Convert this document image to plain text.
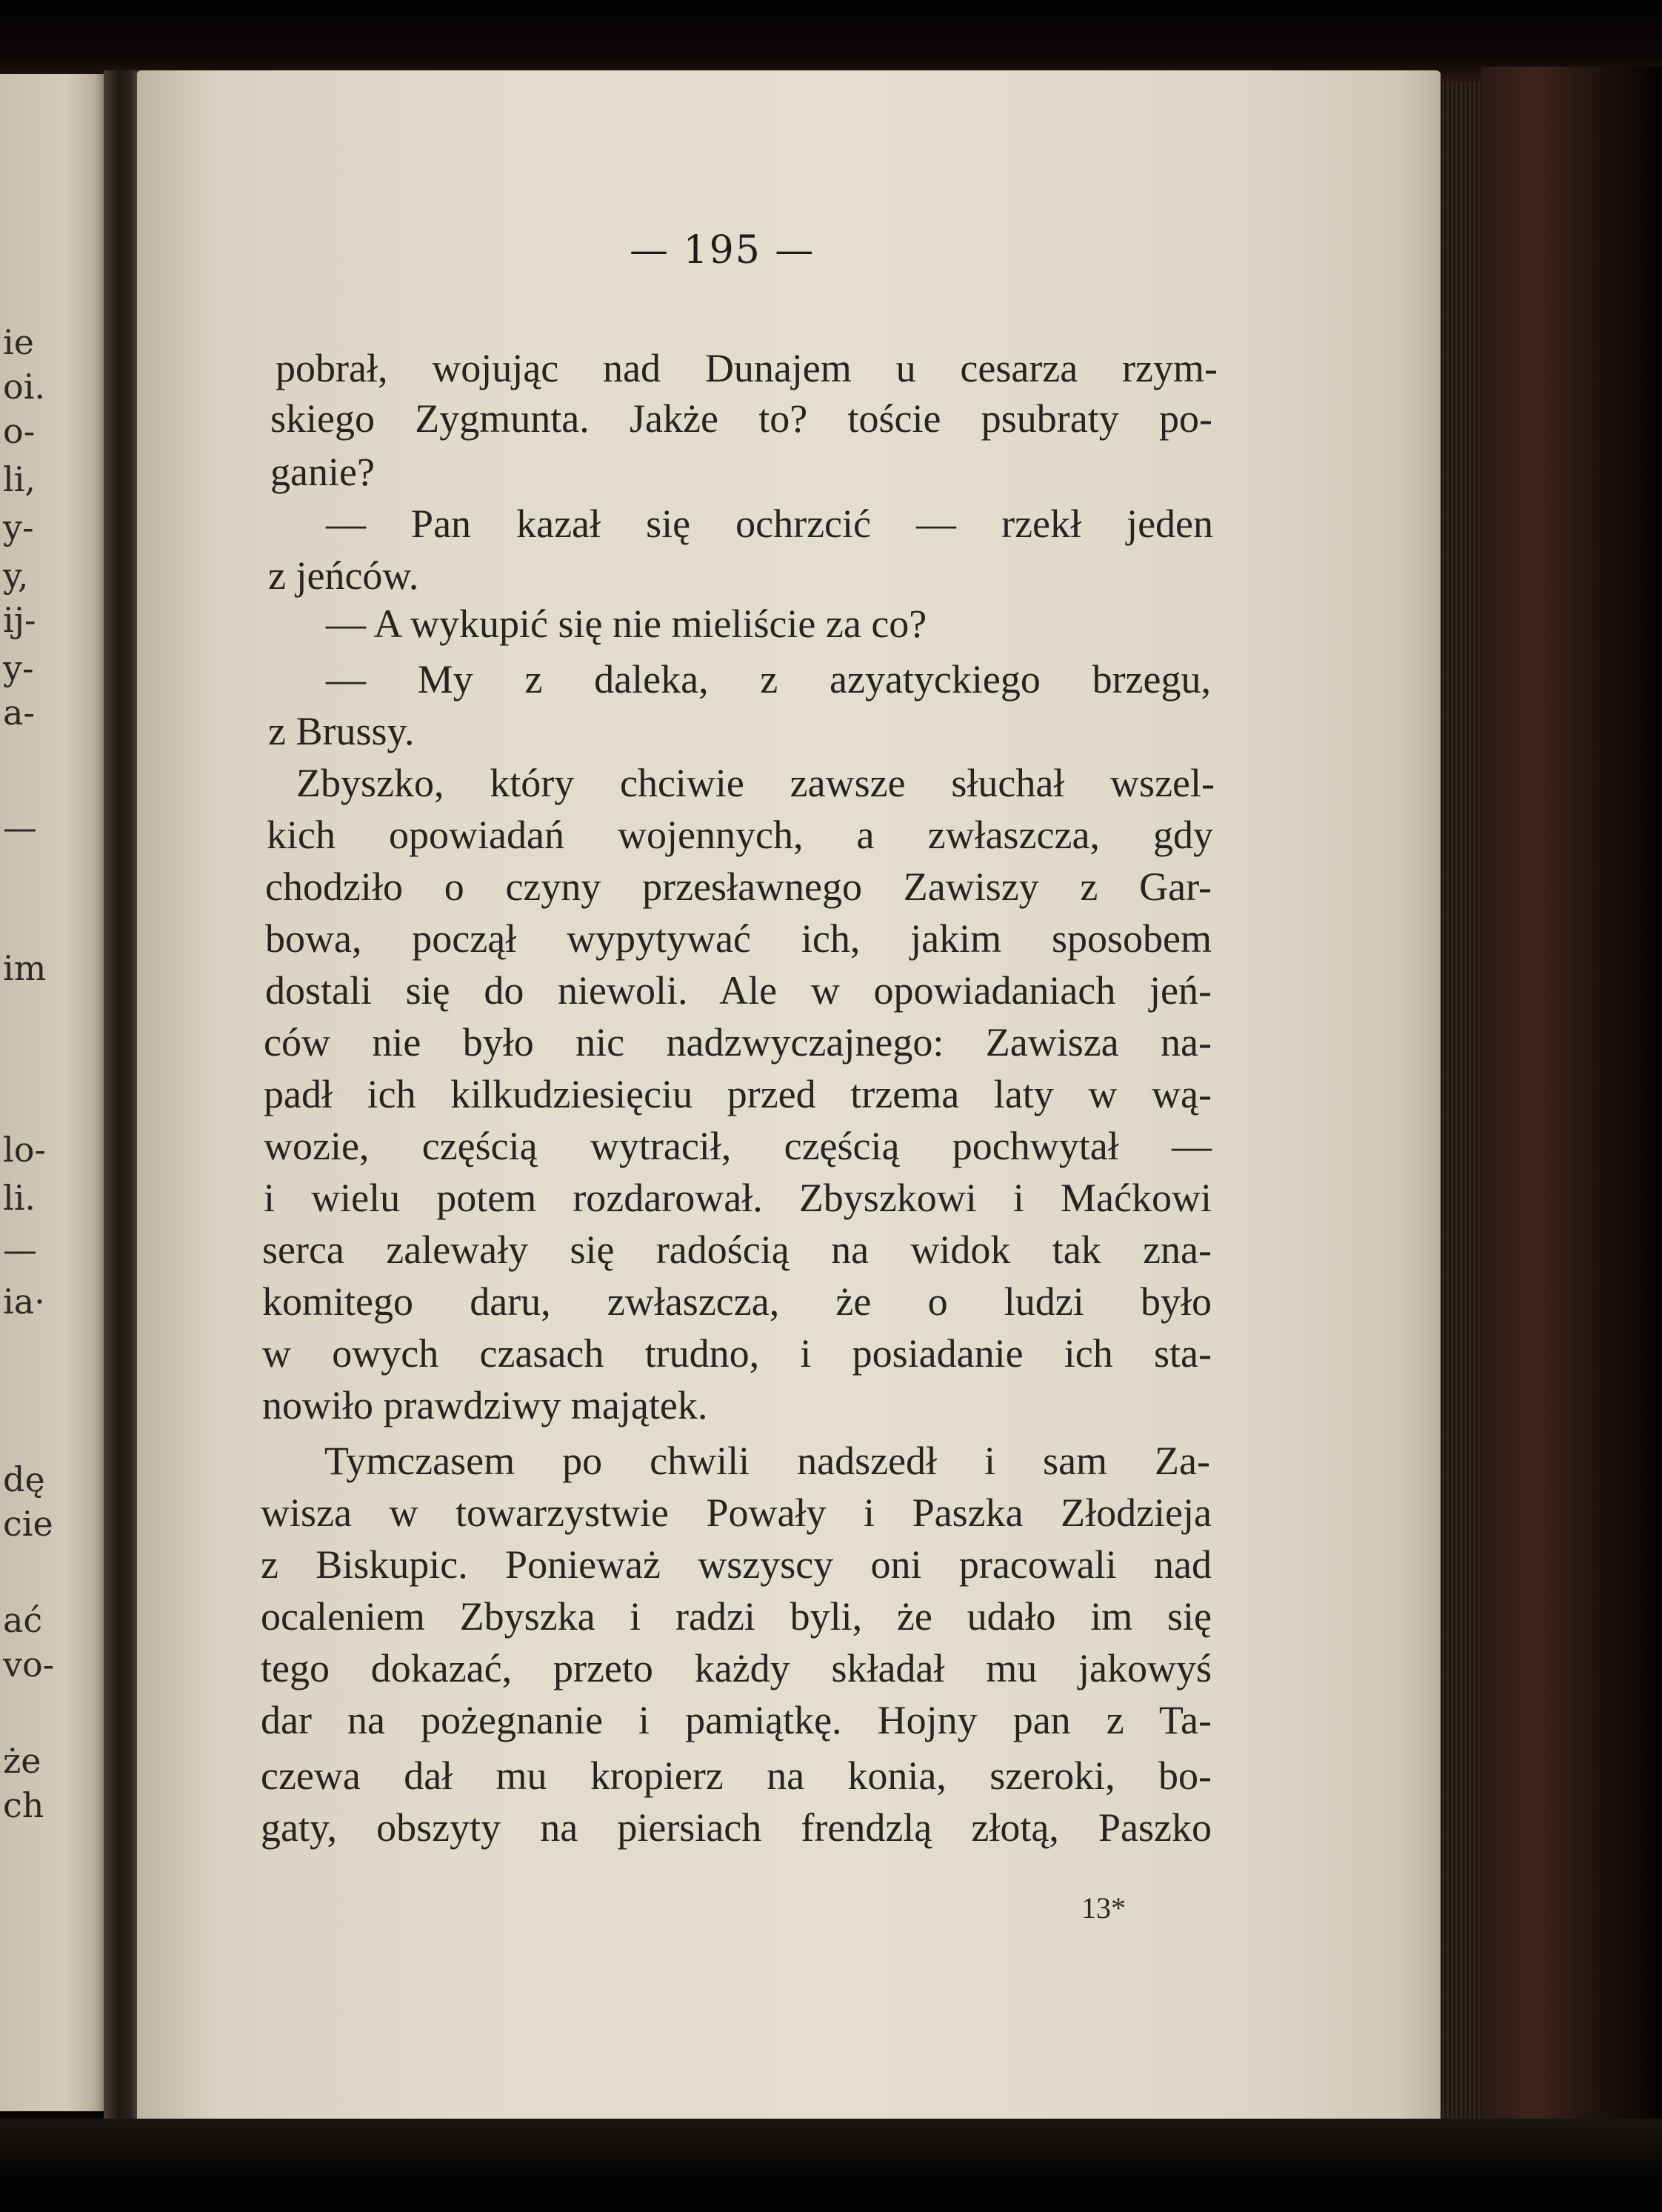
ie
oi.
o-
li,
y-
y,
ij-
y-
a-
—
im
lo-
li.
—
ia·
dę
cie
ać
vo-
że
ch
— 195 —
pobrał, wojując nad Dunajem u cesarza rzym-
skiego Zygmunta. Jakże to? toście psubraty po-
ganie?
— Pan kazał się ochrzcić — rzekł jeden
z jeńców.
— A wykupić się nie mieliście za co?
— My z daleka, z azyatyckiego brzegu,
z Brussy.
Zbyszko, który chciwie zawsze słuchał wszel-
kich opowiadań wojennych, a zwłaszcza, gdy
chodziło o czyny przesławnego Zawiszy z Gar-
bowa, począł wypytywać ich, jakim sposobem
dostali się do niewoli. Ale w opowiadaniach jeń-
ców nie było nic nadzwyczajnego: Zawisza na-
padł ich kilkudziesięciu przed trzema laty w wą-
wozie, częścią wytracił, częścią pochwytał —
i wielu potem rozdarował. Zbyszkowi i Maćkowi
serca zalewały się radością na widok tak zna-
komitego daru, zwłaszcza, że o ludzi było
w owych czasach trudno, i posiadanie ich sta-
nowiło prawdziwy majątek.
Tymczasem po chwili nadszedł i sam Za-
wisza w towarzystwie Powały i Paszka Złodzieja
z Biskupic. Ponieważ wszyscy oni pracowali nad
ocaleniem Zbyszka i radzi byli, że udało im się
tego dokazać, przeto każdy składał mu jakowyś
dar na pożegnanie i pamiątkę. Hojny pan z Ta-
czewa dał mu kropierz na konia, szeroki, bo-
gaty, obszyty na piersiach frendzlą złotą, Paszko
13*
